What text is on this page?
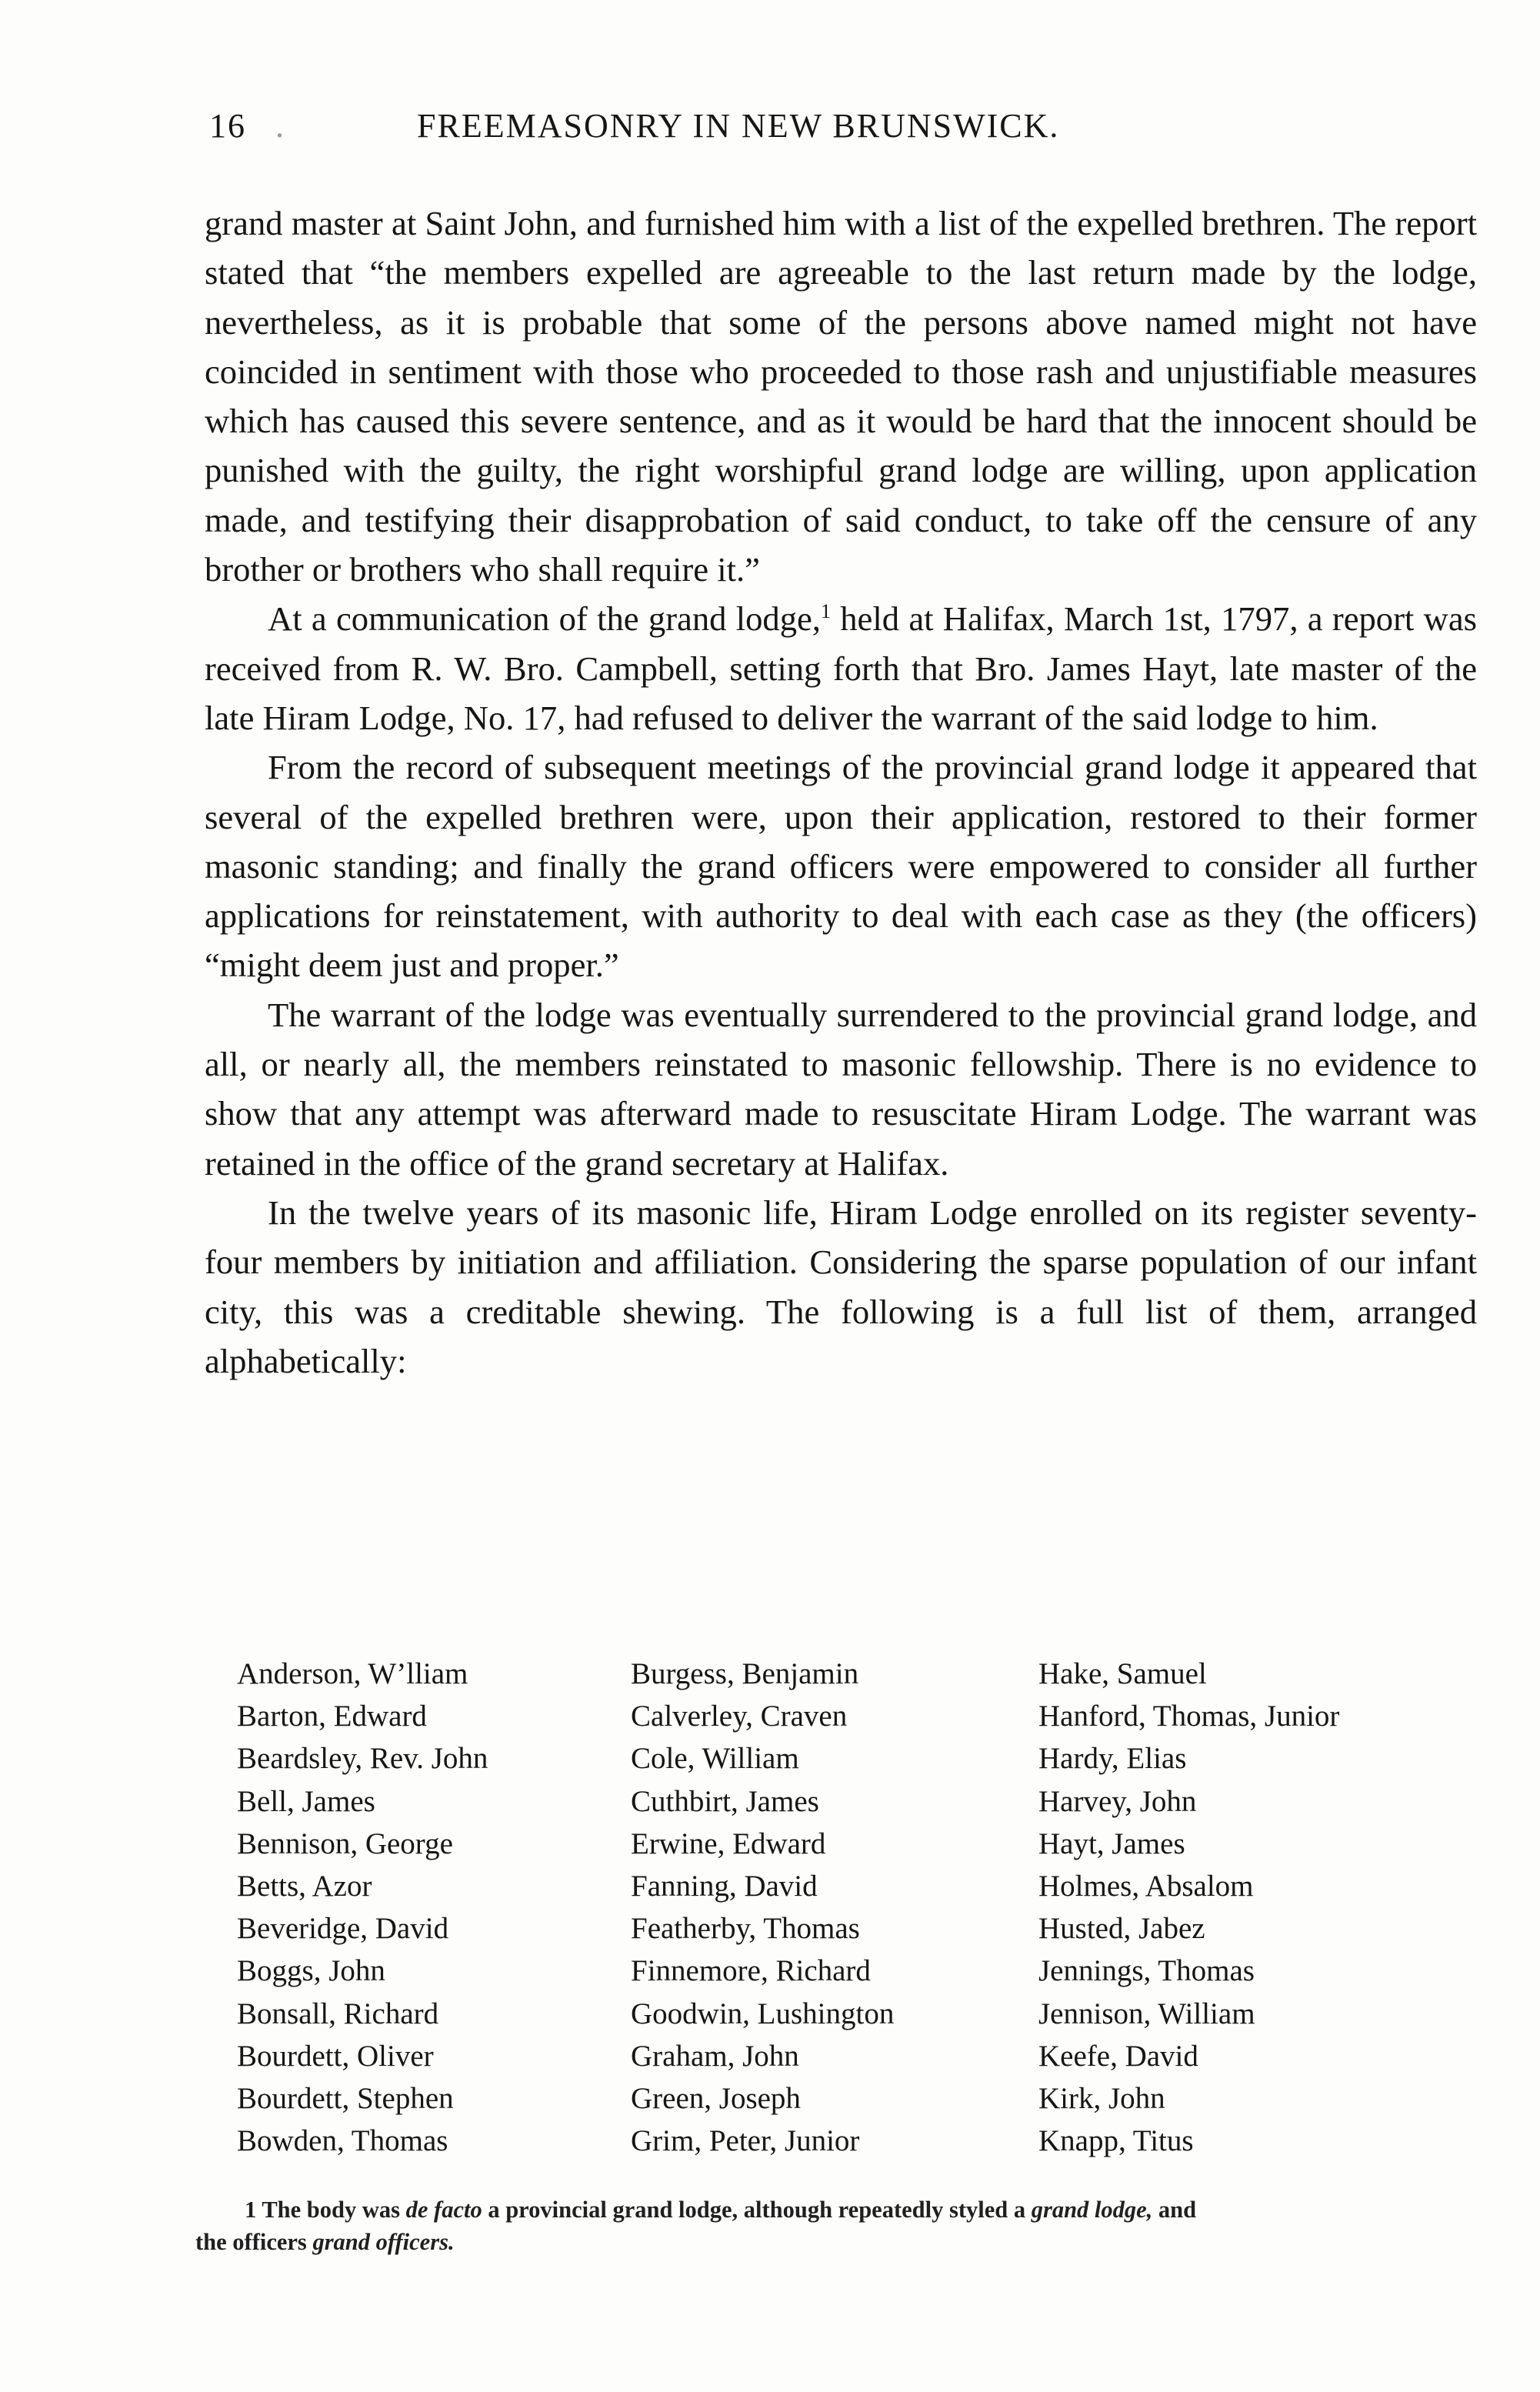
16 .	FREEMASONRY IN NEW BRUNSWICK.

grand master at Saint John, and furnished him with a list of the expelled brethren. The report stated that “the members expelled are agreeable to the last return made by the lodge, nevertheless, as it is probable that some of the persons above named might not have coincided in sentiment with those who proceeded to those rash and unjustifiable measures which has caused this severe sentence, and as it would be hard that the innocent should be punished with the guilty, the right worshipful grand lodge are willing, upon application made, and testifying their disapprobation of said conduct, to take off the censure of any brother or brothers who shall require it.”

At a communication of the grand lodge,$^1$ held at Halifax, March 1st, 1797, a report was received from R. W. Bro. Campbell, setting forth that Bro. James Hayt, late master of the late Hiram Lodge, No. 17, had refused to deliver the warrant of the said lodge to him.

From the record of subsequent meetings of the provincial grand lodge it appeared that several of the expelled brethren were, upon their application, restored to their former masonic standing; and finally the grand officers were empowered to consider all further applications for reinstatement, with authority to deal with each case as they (the officers) “might deem just and proper.”

The warrant of the lodge was eventually surrendered to the provincial grand lodge, and all, or nearly all, the members reinstated to masonic fellowship. There is no evidence to show that any attempt was afterward made to resuscitate Hiram Lodge. The warrant was retained in the office of the grand secretary at Halifax.

In the twelve years of its masonic life, Hiram Lodge enrolled on its register seventy-four members by initiation and affiliation. Considering the sparse population of our infant city, this was a creditable shewing. The following is a full list of them, arranged alphabetically:

Anderson, W’lliam
Barton, Edward
Beardsley, Rev. John
Bell, James
Bennison, George
Betts, Azor
Beveridge, David
Boggs, John
Bonsall, Richard
Bourdett, Oliver
Bourdett, Stephen
Bowden, Thomas
Burgess, Benjamin
Calverley, Craven
Cole, William
Cuthbirt, James
Erwine, Edward
Fanning, David
Featherby, Thomas
Finnemore, Richard
Goodwin, Lushington
Graham, John
Green, Joseph
Grim, Peter, Junior
Hake, Samuel
Hanford, Thomas, Junior
Hardy, Elias
Harvey, John
Hayt, James
Holmes, Absalom
Husted, Jabez
Jennings, Thomas
Jennison, William
Keefe, David
Kirk, John
Knapp, Titus
1 The body was de facto a provincial grand lodge, although repeatedly styled a grand lodge, and
the officers grand officers.
